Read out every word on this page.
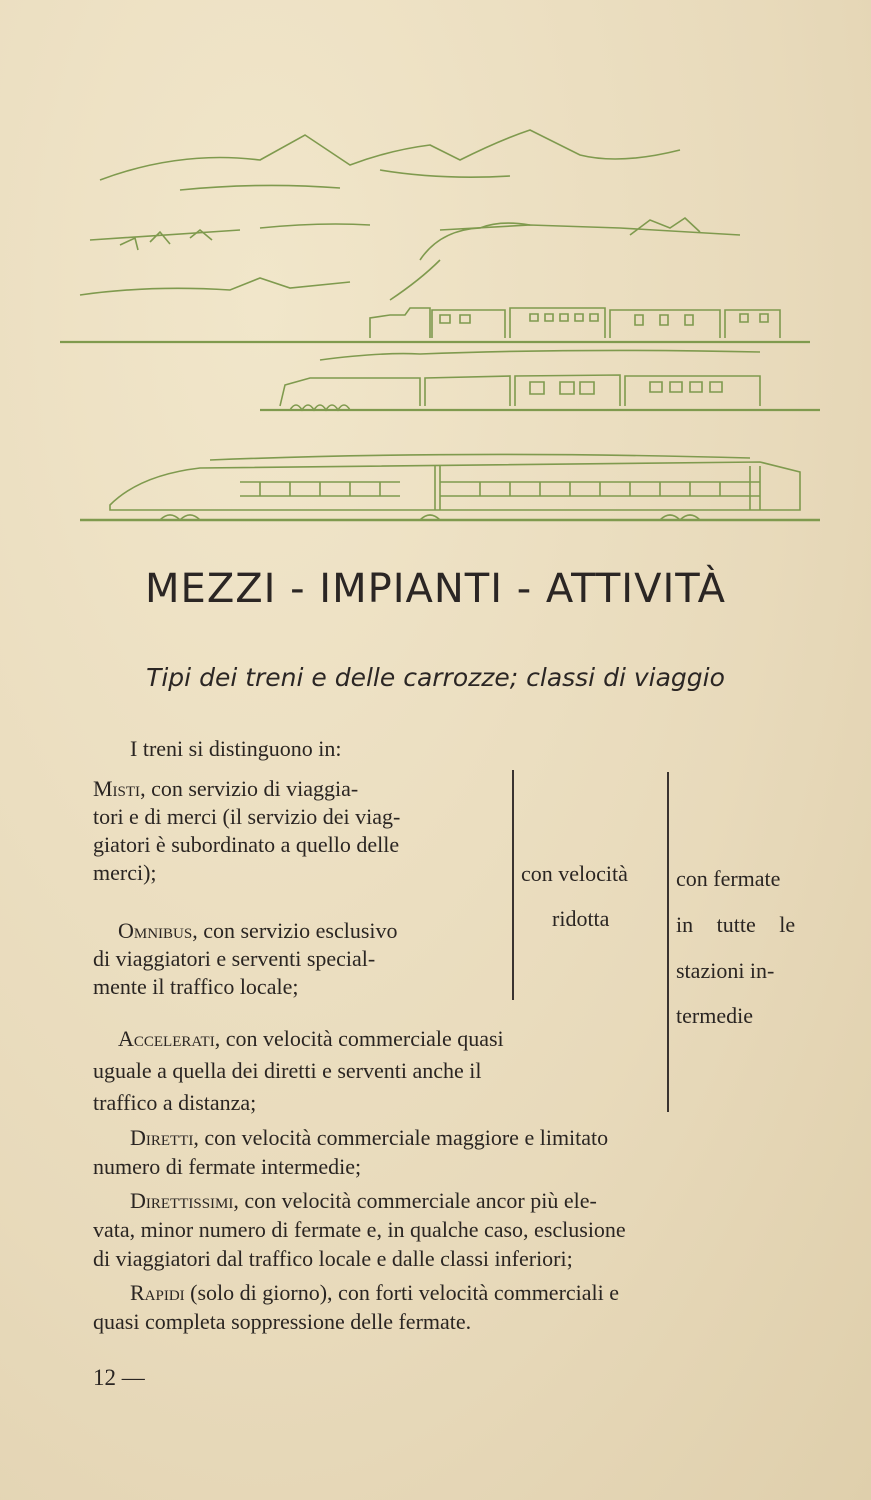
MEZZI - IMPIANTI - ATTIVITÀ
Tipi dei treni e delle carrozze; classi di viaggio
I treni si distinguono in:
Misti, con servizio di viaggia-
tori e di merci (il servizio dei viag-
giatori è subordinato a quello delle
merci);
Omnibus, con servizio esclusivo
di viaggiatori e serventi special-
mente il traffico locale;
con velocità
ridotta
con fermate
in tutte le
stazioni in-
termedie
Accelerati, con velocità commerciale quasi
uguale a quella dei diretti e serventi anche il
traffico a distanza;
Diretti, con velocità commerciale maggiore e limitato
numero di fermate intermedie;
Direttissimi, con velocità commerciale ancor più ele-
vata, minor numero di fermate e, in qualche caso, esclusione
di viaggiatori dal traffico locale e dalle classi inferiori;
Rapidi (solo di giorno), con forti velocità commerciali e
quasi completa soppressione delle fermate.
12 —
